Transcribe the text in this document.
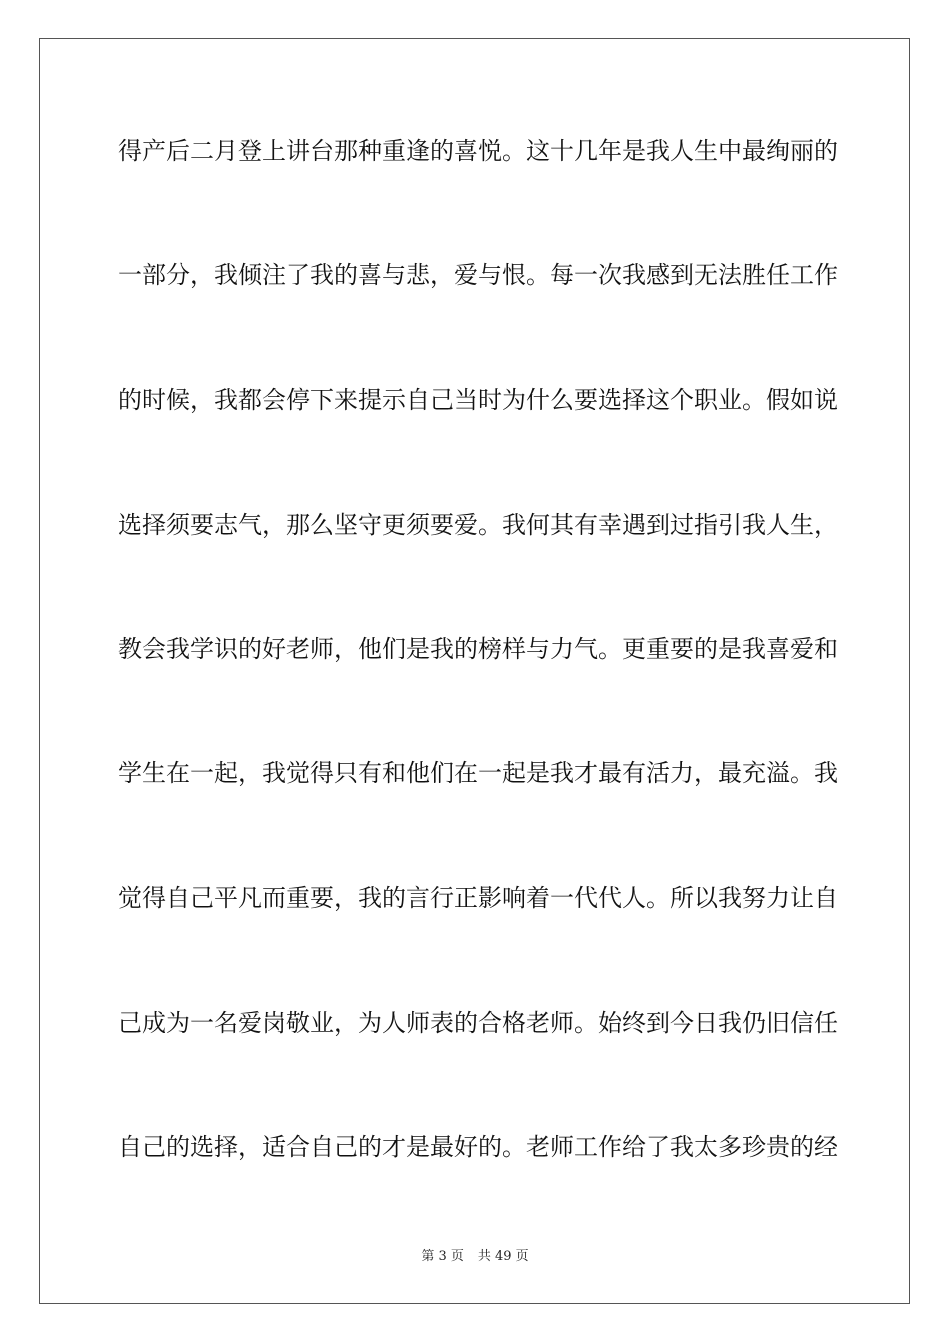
得产后二月登上讲台那种重逢的喜悦。这十几年是我人生中最绚丽的
一部分，我倾注了我的喜与悲，爱与恨。每一次我感到无法胜任工作
的时候，我都会停下来提示自己当时为什么要选择这个职业。假如说
选择须要志气，那么坚守更须要爱。我何其有幸遇到过指引我人生，
教会我学识的好老师，他们是我的榜样与力气。更重要的是我喜爱和
学生在一起，我觉得只有和他们在一起是我才最有活力，最充溢。我
觉得自己平凡而重要，我的言行正影响着一代代人。所以我努力让自
己成为一名爱岗敬业，为人师表的合格老师。始终到今日我仍旧信任
自己的选择，适合自己的才是最好的。老师工作给了我太多珍贵的经
第 3 页 共 49 页
